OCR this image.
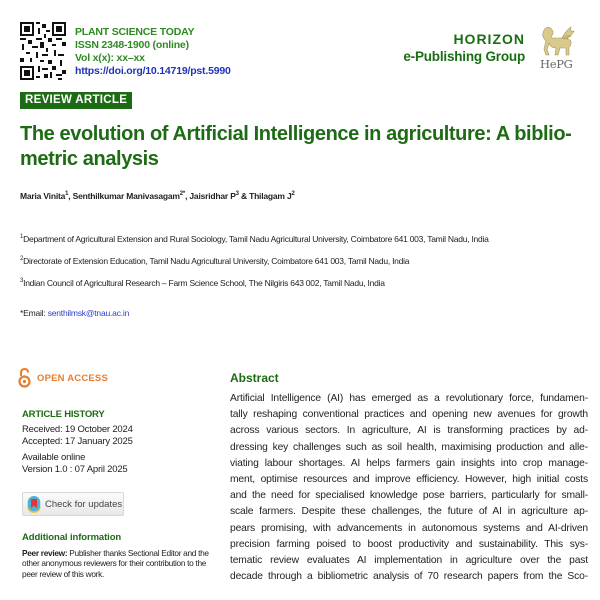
PLANT SCIENCE TODAY
ISSN 2348-1900 (online)
Vol x(x): xx–xx
https://doi.org/10.14719/pst.5990
HORIZON
e-Publishing Group HePG
REVIEW ARTICLE
The evolution of Artificial Intelligence in agriculture: A biblio-
metric analysis
Maria Vinita$^1$, Senthilkumar Manivasagam$^{2*}$, Jaisridhar $P^3$ & Thilagam $J^2$
$^1$Department of Agricultural Extension and Rural Sociology, Tamil Nadu Agricultural University, Coimbatore 641 003, Tamil Nadu, India
$^2$Directorate of Extension Education, Tamil Nadu Agricultural University, Coimbatore 641 003, Tamil Nadu, India
$^3$Indian Council of Agricultural Research – Farm Science School, The Nilgiris 643 002, Tamil Nadu, India
*Email: senthilmsk@tnau.ac.in
OPEN ACCESS
ARTICLE HISTORY
Received: 19 October 2024
Accepted: 17 January 2025
Available online
Version 1.0 : 07 April 2025
Check for updates
Additional information
Peer review: Publisher thanks Sectional Editor and the other anonymous reviewers for their contribution to the peer review of this work.
Abstract
Artificial Intelligence (AI) has emerged as a revolutionary force, fundamen-
tally reshaping conventional practices and opening new avenues for growth
across various sectors. In agriculture, AI is transforming practices by ad-
dressing key challenges such as soil health, maximising production and alle-
viating labour shortages. AI helps farmers gain insights into crop manage-
ment, optimise resources and improve efficiency. However, high initial costs
and the need for specialised knowledge pose barriers, particularly for small-
scale farmers. Despite these challenges, the future of AI in agriculture ap-
pears promising, with advancements in autonomous systems and AI-driven
precision farming poised to boost productivity and sustainability. This sys-
tematic review evaluates AI implementation in agriculture over the past
decade through a bibliometric analysis of 70 research papers from the Sco-
